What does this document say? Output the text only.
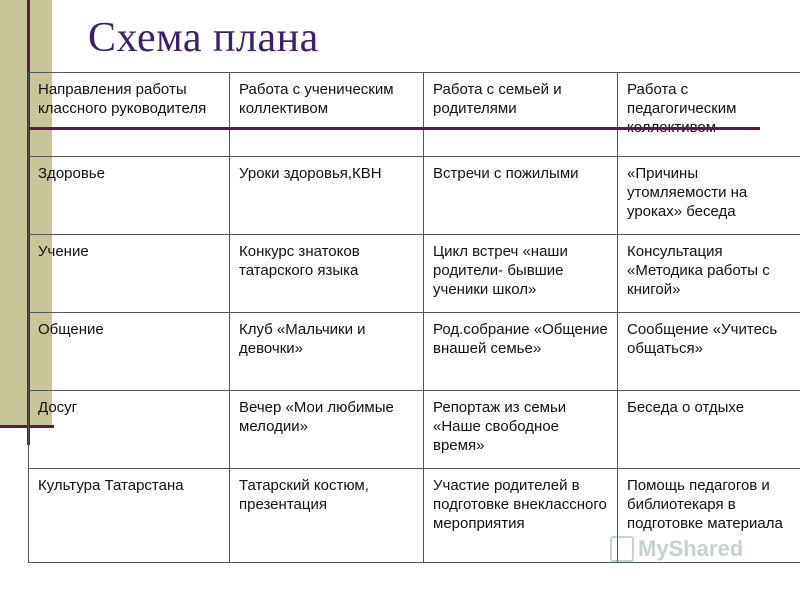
Схема плана
Направления работы классного руководителя	Работа с ученическим коллективом	Работа с семьей и родителями	Работа с педагогическим
Здоровье	Уроки здоровья,КВН	Встречи с пожилыми	«Причины утомляемости на уроках» беседа
Учение	Конкурс знатоков татарского языка	Цикл встреч «наши родители- бывшие ученики школ»	Консультация «Методика работы с книгой»
Общение	Клуб «Мальчики и девочки»	Род.собрание «Общение внашей семье»	Сообщение «Учитесь общаться»
Досуг	Вечер «Мои любимые мелодии»	Репортаж из семьи «Наше свободное время»	Беседа о отдыхе
Культура Татарстана	Татарский костюм, презентация	Участие родителей в подготовке внеклассного мероприятия	Помощь педагогов и библиотекаря в подготовке материала
MyShared
